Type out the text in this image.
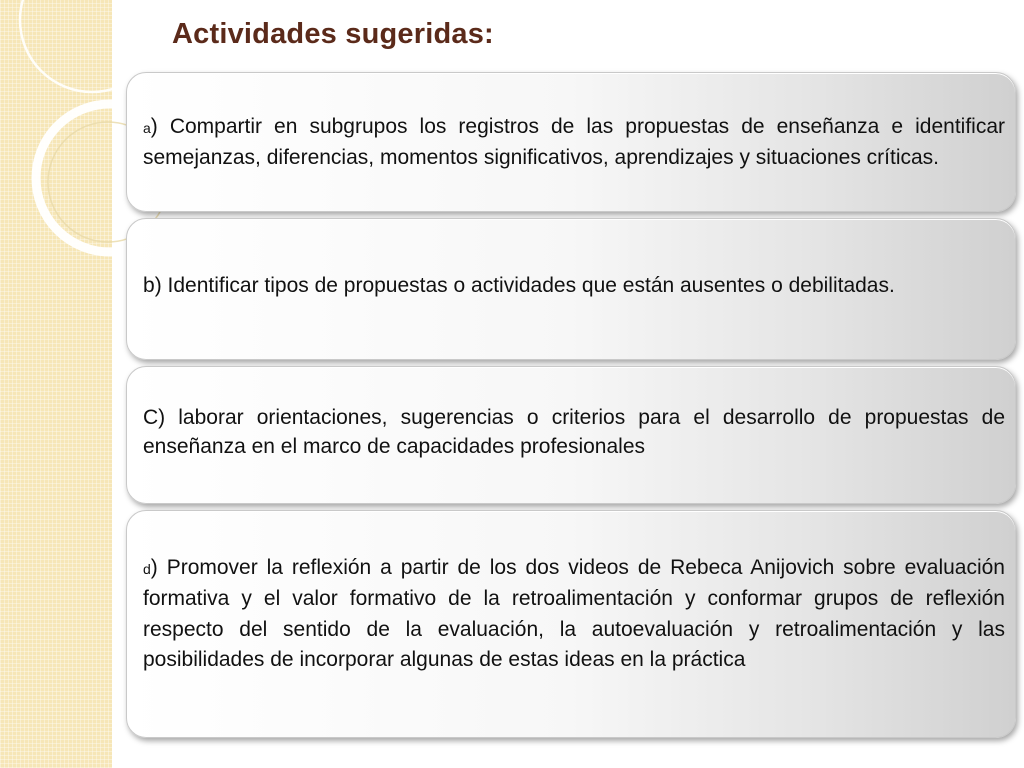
Actividades sugeridas:

a) Compartir en subgrupos los registros de las propuestas de enseñanza e identificar semejanzas, diferencias, momentos significativos, aprendizajes y situaciones críticas.

b) Identificar tipos de propuestas o actividades que están ausentes o debilitadas.

C) laborar orientaciones, sugerencias o criterios para el desarrollo de propuestas de enseñanza en el marco de capacidades profesionales

d) Promover la reflexión a partir de los dos videos de Rebeca Anijovich sobre evaluación formativa y el valor formativo de la retroalimentación y conformar grupos de reflexión respecto del sentido de la evaluación, la autoevaluación y retroalimentación y las posibilidades de incorporar algunas de estas ideas en la práctica
